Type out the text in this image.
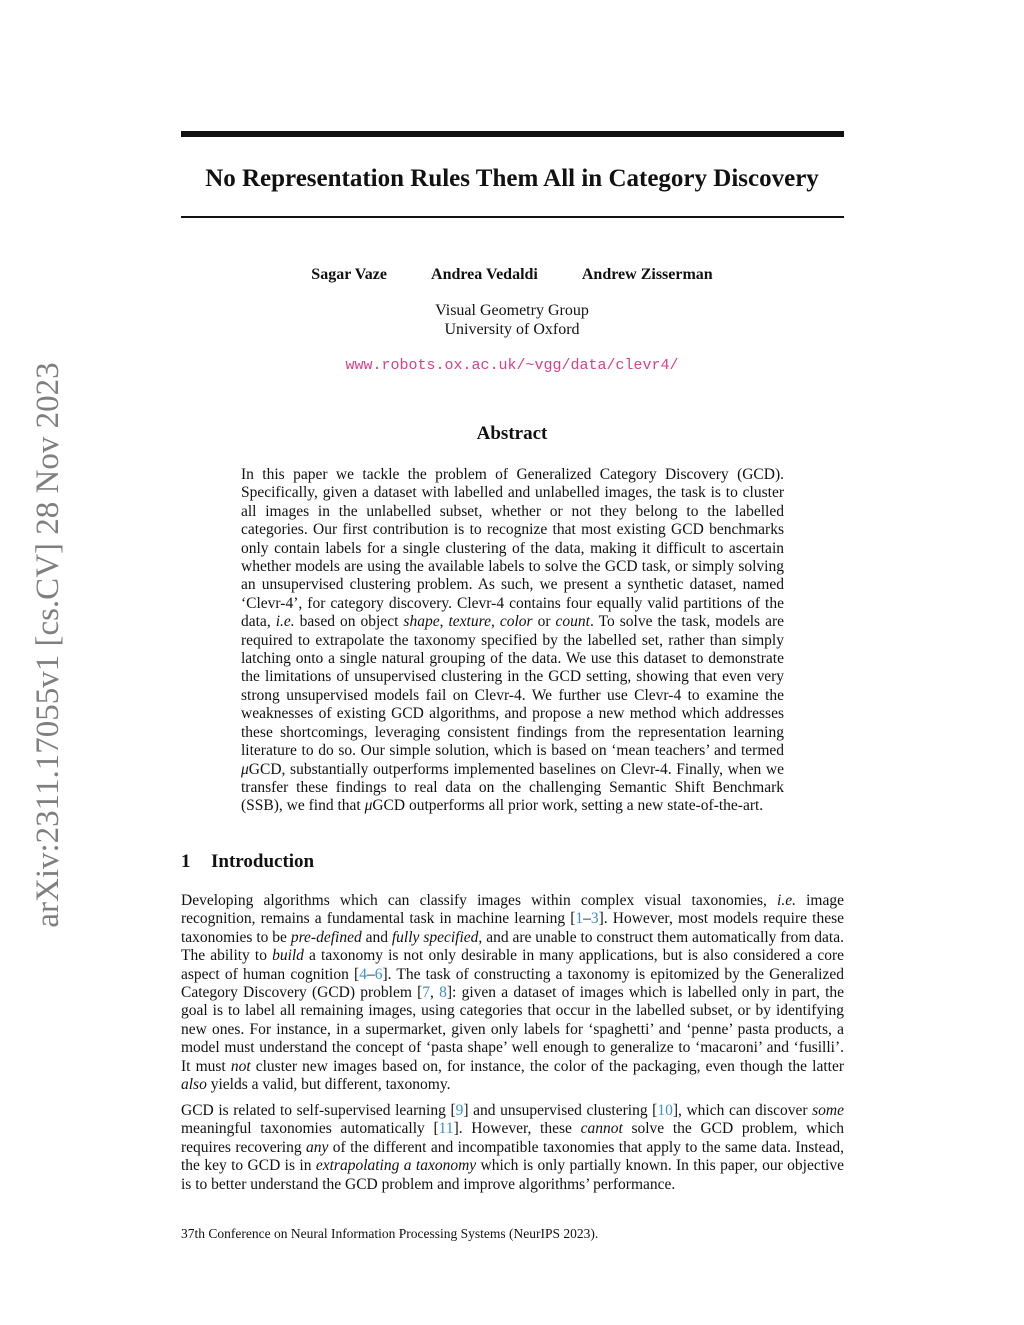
arXiv:2311.17055v1 [cs.CV] 28 Nov 2023
No Representation Rules Them All in Category Discovery
Sagar Vaze	Andrea Vedaldi	Andrew Zisserman
Visual Geometry Group
University of Oxford
www.robots.ox.ac.uk/~vgg/data/clevr4/
Abstract

In this paper we tackle the problem of Generalized Category Discovery (GCD). Specifically, given a dataset with labelled and unlabelled images, the task is to cluster all images in the unlabelled subset, whether or not they belong to the labelled categories. Our first contribution is to recognize that most existing GCD benchmarks only contain labels for a single clustering of the data, making it difficult to ascertain whether models are using the available labels to solve the GCD task, or simply solving an unsupervised clustering problem. As such, we present a synthetic dataset, named ‘Clevr-4’, for category discovery. Clevr-4 contains four equally valid partitions of the data, i.e. based on object shape, texture, color or count. To solve the task, models are required to extrapolate the taxonomy specified by the labelled set, rather than simply latching onto a single natural grouping of the data. We use this dataset to demonstrate the limitations of unsupervised clustering in the GCD setting, showing that even very strong unsupervised models fail on Clevr-4. We further use Clevr-4 to examine the weaknesses of existing GCD algorithms, and propose a new method which addresses these shortcomings, leveraging consistent findings from the representation learning literature to do so. Our simple solution, which is based on ‘mean teachers’ and termed μGCD, substantially outperforms implemented baselines on Clevr-4. Finally, when we transfer these findings to real data on the challenging Semantic Shift Benchmark (SSB), we find that μGCD outperforms all prior work, setting a new state-of-the-art.

1 Introduction

Developing algorithms which can classify images within complex visual taxonomies, i.e. image recognition, remains a fundamental task in machine learning [1–3]. However, most models require these taxonomies to be pre-defined and fully specified, and are unable to construct them automatically from data. The ability to build a taxonomy is not only desirable in many applications, but is also considered a core aspect of human cognition [4–6]. The task of constructing a taxonomy is epitomized by the Generalized Category Discovery (GCD) problem [7, 8]: given a dataset of images which is labelled only in part, the goal is to label all remaining images, using categories that occur in the labelled subset, or by identifying new ones. For instance, in a supermarket, given only labels for ‘spaghetti’ and ‘penne’ pasta products, a model must understand the concept of ‘pasta shape’ well enough to generalize to ‘macaroni’ and ‘fusilli’. It must not cluster new images based on, for instance, the color of the packaging, even though the latter also yields a valid, but different, taxonomy.

GCD is related to self-supervised learning [9] and unsupervised clustering [10], which can discover some meaningful taxonomies automatically [11]. However, these cannot solve the GCD problem, which requires recovering any of the different and incompatible taxonomies that apply to the same data. Instead, the key to GCD is in extrapolating a taxonomy which is only partially known. In this paper, our objective is to better understand the GCD problem and improve algorithms’ performance.

37th Conference on Neural Information Processing Systems (NeurIPS 2023).
